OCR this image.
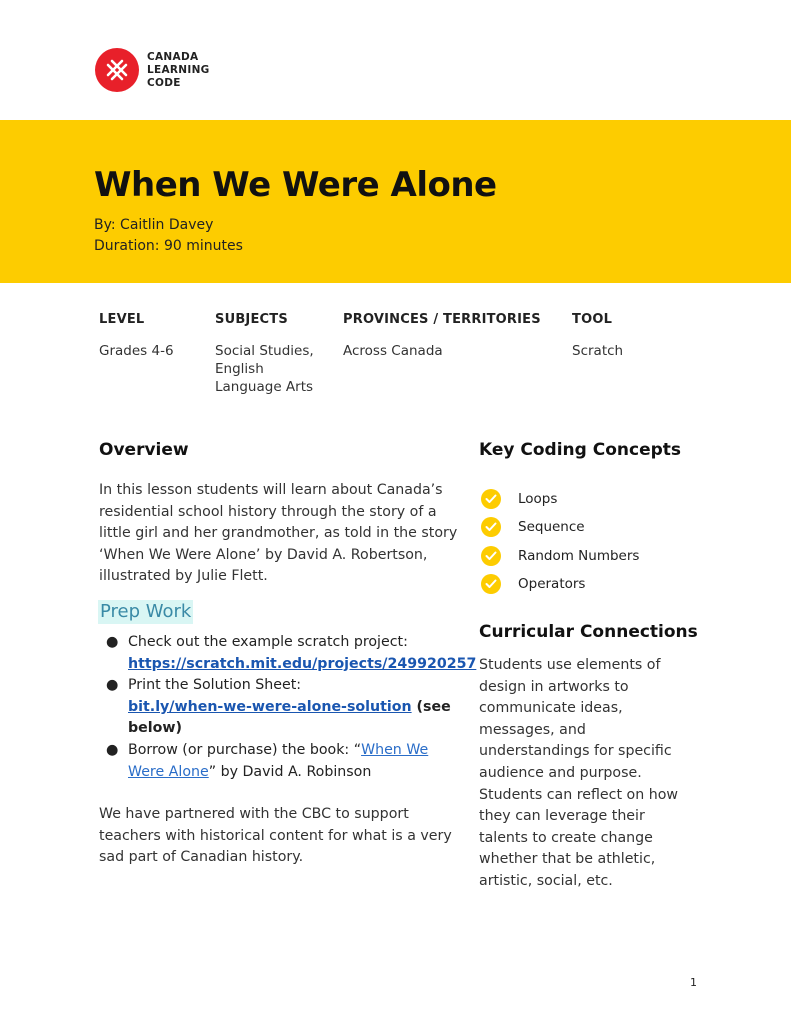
CANADA
LEARNING
CODE
When We Were Alone
By: Caitlin Davey
Duration: 90 minutes
LEVEL
Grades 4-6
SUBJECTS
Social Studies,
English
Language Arts
PROVINCES / TERRITORIES
Across Canada
TOOL
Scratch
Overview
In this lesson students will learn about Canada’s
residential school history through the story of a
little girl and her grandmother, as told in the story
‘When We Were Alone’ by David A. Robertson,
illustrated by Julie Flett.
Prep Work
● Check out the example scratch project:
https://scratch.mit.edu/projects/249920257
● Print the Solution Sheet:
bit.ly/when-we-were-alone-solution (see
below)
● Borrow (or purchase) the book: “When We
Were Alone” by David A. Robinson
We have partnered with the CBC to support
teachers with historical content for what is a very
sad part of Canadian history.
Key Coding Concepts
Loops
Sequence
Random Numbers
Operators
Curricular Connections
Students use elements of
design in artworks to
communicate ideas,
messages, and
understandings for specific
audience and purpose.
Students can reflect on how
they can leverage their
talents to create change
whether that be athletic,
artistic, social, etc.
1
